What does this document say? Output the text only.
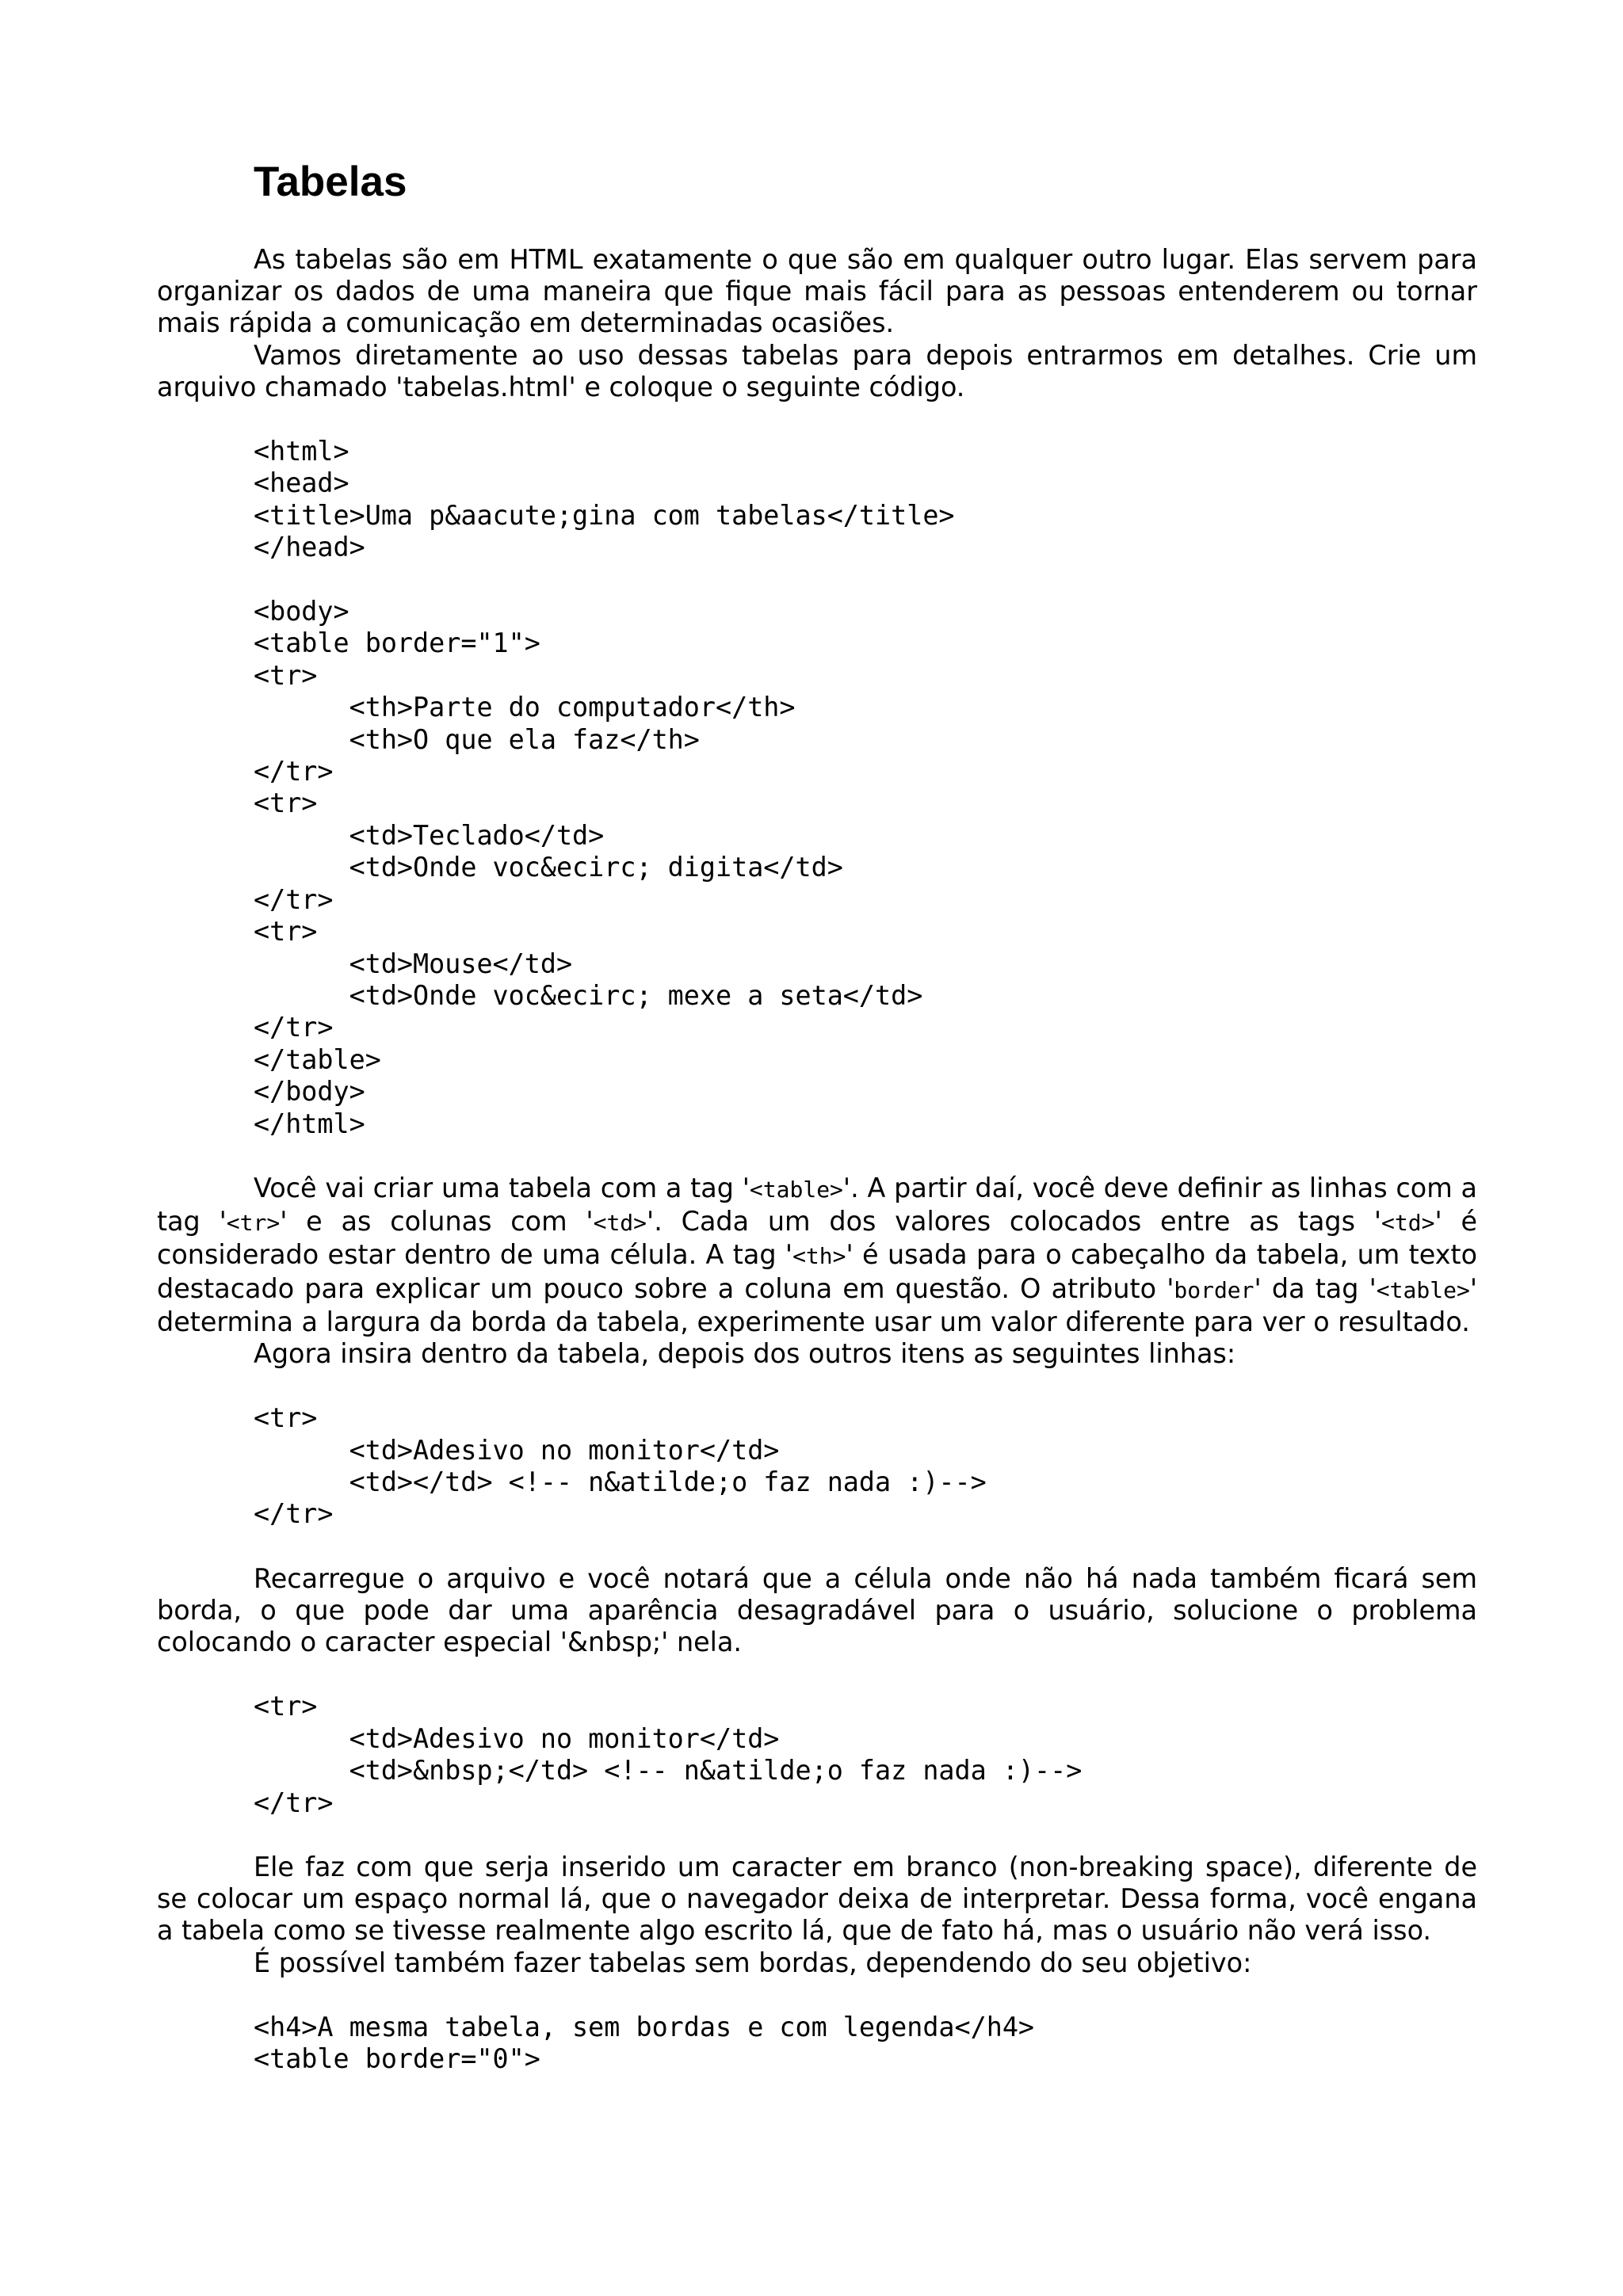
Tabelas

As tabelas são em HTML exatamente o que são em qualquer outro lugar. Elas servem para organizar os dados de uma maneira que fique mais fácil para as pessoas entenderem ou tornar mais rápida a comunicação em determinadas ocasiões.

Vamos diretamente ao uso dessas tabelas para depois entrarmos em detalhes. Crie um arquivo chamado 'tabelas.html' e coloque o seguinte código.

<html>
<head>
<title>Uma p&aacute;gina com tabelas</title>
</head>

<body>
<table border="1">
<tr>
<th>Parte do computador</th>
<th>O que ela faz</th>
</tr>
<tr>
<td>Teclado</td>
<td>Onde voc&ecirc; digita</td>
</tr>
<tr>
<td>Mouse</td>
<td>Onde voc&ecirc; mexe a seta</td>
</tr>
</table>
</body>
</html>

Você vai criar uma tabela com a tag '<table>'. A partir daí, você deve definir as linhas com a tag '<tr>' e as colunas com '<td>'. Cada um dos valores colocados entre as tags '<td>' é considerado estar dentro de uma célula. A tag '<th>' é usada para o cabeçalho da tabela, um texto destacado para explicar um pouco sobre a coluna em questão. O atributo 'border' da tag '<table>' determina a largura da borda da tabela, experimente usar um valor diferente para ver o resultado.

Agora insira dentro da tabela, depois dos outros itens as seguintes linhas:

<tr>
<td>Adesivo no monitor</td>
<td></td> <!-- n&atilde;o faz nada :)-->
</tr>

Recarregue o arquivo e você notará que a célula onde não há nada também ficará sem borda, o que pode dar uma aparência desagradável para o usuário, solucione o problema colocando o caracter especial '&nbsp;' nela.

<tr>
<td>Adesivo no monitor</td>
<td>&nbsp;</td> <!-- n&atilde;o faz nada :)-->
</tr>

Ele faz com que serja inserido um caracter em branco (non-breaking space), diferente de se colocar um espaço normal lá, que o navegador deixa de interpretar. Dessa forma, você engana a tabela como se tivesse realmente algo escrito lá, que de fato há, mas o usuário não verá isso.

É possível também fazer tabelas sem bordas, dependendo do seu objetivo:

<h4>A mesma tabela, sem bordas e com legenda</h4>
<table border="0">
